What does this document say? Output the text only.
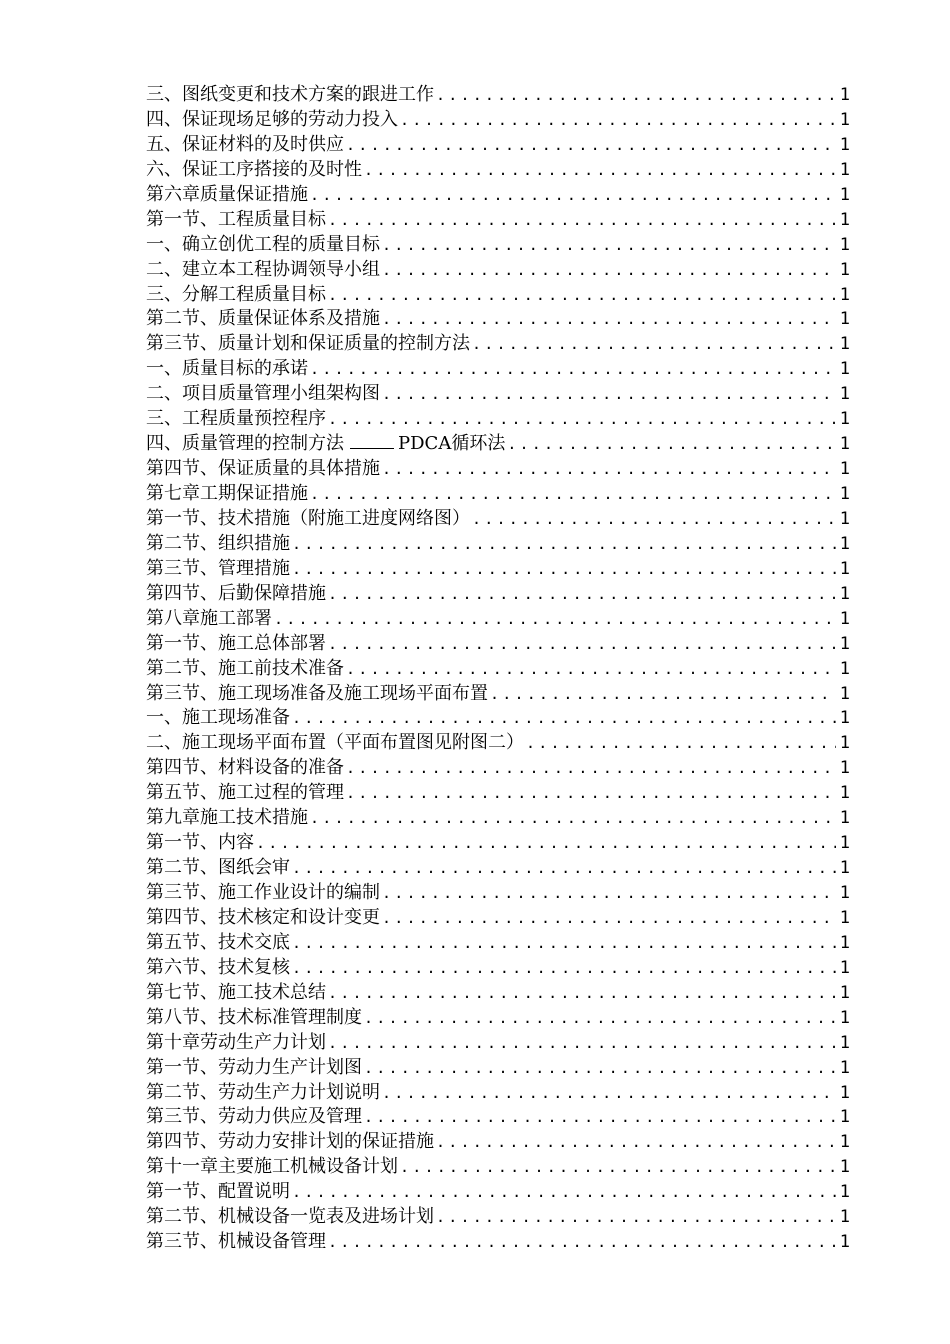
三、图纸变更和技术方案的跟进工作 .....	1
四、保证现场足够的劳动力投入 .....	1
五、保证材料的及时供应 .....	1
六、保证工序搭接的及时性 .....	1
第六章质量保证措施 .....	1
第一节、工程质量目标 .....	1
一、确立创优工程的质量目标 .....	1
二、建立本工程协调领导小组 .....	1
三、分解工程质量目标 .....	1
第二节、质量保证体系及措施 .....	1
第三节、质量计划和保证质量的控制方法 .....	1
一、质量目标的承诺 .....	1
二、项目质量管理小组架构图 .....	1
三、工程质量预控程序 .....	1
四、质量管理的控制方法	PDCA循环法 .....	1
第四节、保证质量的具体措施 .....	1
第七章工期保证措施 .....	1
第一节、技术措施（附施工进度网络图） .....	1
第二节、组织措施 .....	1
第三节、管理措施 .....	1
第四节、后勤保障措施 .....	1
第八章施工部署 .....	1
第一节、施工总体部署 .....	1
第二节、施工前技术准备 .....	1
第三节、施工现场准备及施工现场平面布置 .....	1
一、施工现场准备 .....	1
二、施工现场平面布置（平面布置图见附图二） .....	1
第四节、材料设备的准备 .....	1
第五节、施工过程的管理 .....	1
第九章施工技术措施 .....	1
第一节、内容 .....	1
第二节、图纸会审 .....	1
第三节、施工作业设计的编制 .....	1
第四节、技术核定和设计变更 .....	1
第五节、技术交底 .....	1
第六节、技术复核 .....	1
第七节、施工技术总结 .....	1
第八节、技术标准管理制度 .....	1
第十章劳动生产力计划 .....	1
第一节、劳动力生产计划图 .....	1
第二节、劳动生产力计划说明 .....	1
第三节、劳动力供应及管理 .....	1
第四节、劳动力安排计划的保证措施 .....	1
第十一章主要施工机械设备计划 .....	1
第一节、配置说明 .....	1
第二节、机械设备一览表及进场计划 .....	1
第三节、机械设备管理 .....	1
